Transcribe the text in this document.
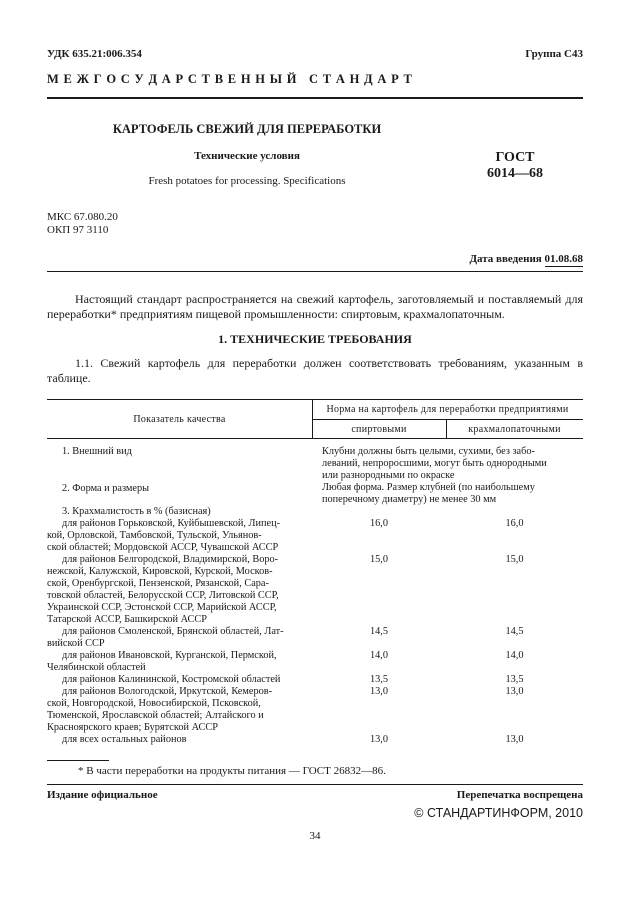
УДК 635.21:006.354	Группа С43
М Е Ж Г О С У Д А Р С Т В Е Н Н Ы Й   С Т А Н Д А Р Т
КАРТОФЕЛЬ СВЕЖИЙ ДЛЯ ПЕРЕРАБОТКИ
Технические условия
Fresh potatoes for processing. Specifications
ГОСТ
6014—68
МКС 67.080.20
ОКП 97 3110
Дата введения 01.08.68
Настоящий стандарт распространяется на свежий картофель, заготовляемый и поставляемый для переработки* предприятиям пищевой промышленности: спиртовым, крахмалопаточным.
1. ТЕХНИЧЕСКИЕ ТРЕБОВАНИЯ
1.1. Свежий картофель для переработки должен соответствовать требованиям, указанным в таблице.
Показатель качества
Норма на картофель для переработки предприятиями
спиртовыми	крахмалопаточными
1. Внешний вид	Клубни должны быть целыми, сухими, без забо-
леваний, непроросшими, могут быть однородными
или разнородными по окраске
2. Форма и размеры	Любая форма. Размер клубней (по наибольшему
поперечному диаметру) не менее 30 мм
3. Крахмалистость в % (базисная)
для районов Горьковской, Куйбышевской, Липец-
кой, Орловской, Тамбовской, Тульской, Ульянов-
ской областей; Мордовской АССР, Чувашской АССР
16,0	16,0
для районов Белгородской, Владимирской, Воро-
нежской, Калужской, Кировской, Курской, Москов-
ской, Оренбургской, Пензенской, Рязанской, Сара-
товской областей, Белорусской ССР, Литовской ССР,
Украинской ССР, Эстонской ССР, Марийской АССР,
Татарской АССР, Башкирской АССР
15,0	15,0
для районов Смоленской, Брянской областей, Лат-
вийской ССР
14,5	14,5
для районов Ивановской, Курганской, Пермской,
Челябинской областей
14,0	14,0
для районов Калининской, Костромской областей	13,5	13,5
для районов Вологодской, Иркутской, Кемеров-
ской, Новгородской, Новосибирской, Псковской,
Тюменской, Ярославской областей; Алтайского и
Красноярского краев; Бурятской АССР
13,0	13,0
для всех остальных районов	13,0	13,0
* В части переработки на продукты питания — ГОСТ 26832—86.
Издание официальное	Перепечатка воспрещена
© СТАНДАРТИНФОРМ, 2010
34
